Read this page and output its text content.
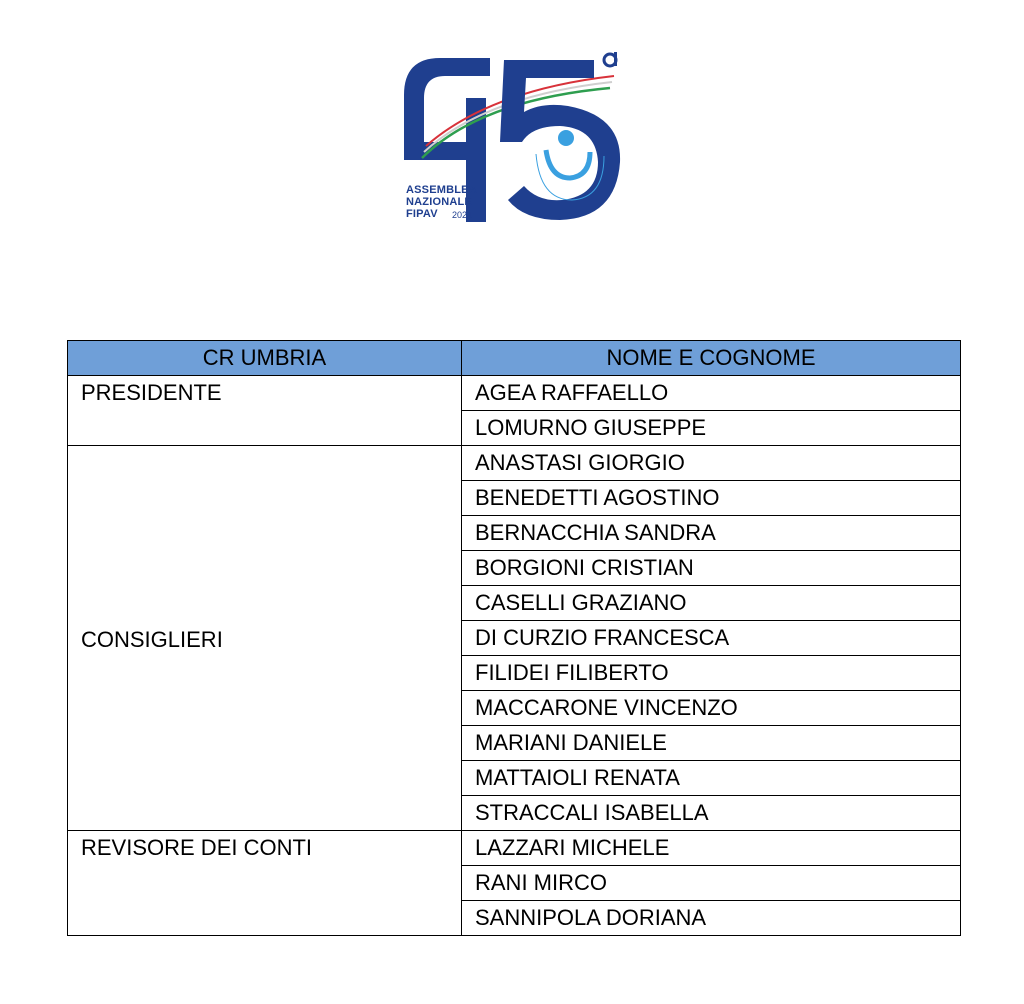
ASSEMBLEA
NAZIONALE
FIPAV 2021
CR UMBRIA	NOME E COGNOME
PRESIDENTE	AGEA RAFFAELLO
	LOMURNO GIUSEPPE
CONSIGLIERI	ANASTASI GIORGIO
	BENEDETTI AGOSTINO
	BERNACCHIA SANDRA
	BORGIONI CRISTIAN
	CASELLI GRAZIANO
	DI CURZIO FRANCESCA
	FILIDEI FILIBERTO
	MACCARONE VINCENZO
	MARIANI DANIELE
	MATTAIOLI RENATA
	STRACCALI ISABELLA
REVISORE DEI CONTI	LAZZARI MICHELE
	RANI MIRCO
	SANNIPOLA DORIANA
